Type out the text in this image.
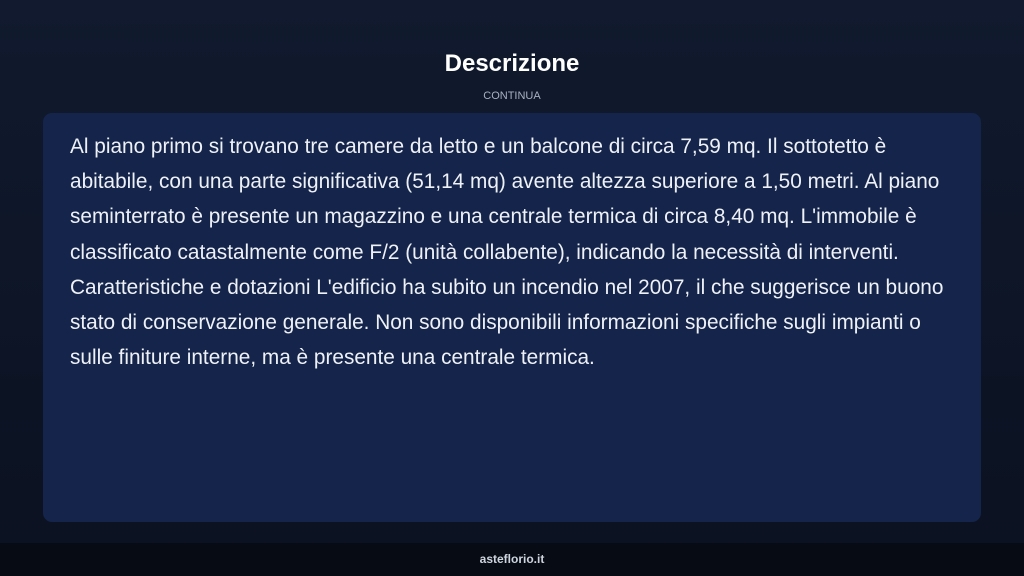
Descrizione
CONTINUA

Al piano primo si trovano tre camere da letto e un balcone di circa 7,59 mq. Il sottotetto è abitabile, con una parte significativa (51,14 mq) avente altezza superiore a 1,50 metri. Al piano seminterrato è presente un magazzino e una centrale termica di circa 8,40 mq. L'immobile è classificato catastalmente come F/2 (unità collabente), indicando la necessità di interventi. Caratteristiche e dotazioni L'edificio ha subito un incendio nel 2007, il che suggerisce un buono stato di conservazione generale. Non sono disponibili informazioni specifiche sugli impianti o sulle finiture interne, ma è presente una centrale termica.

asteflorio.it
